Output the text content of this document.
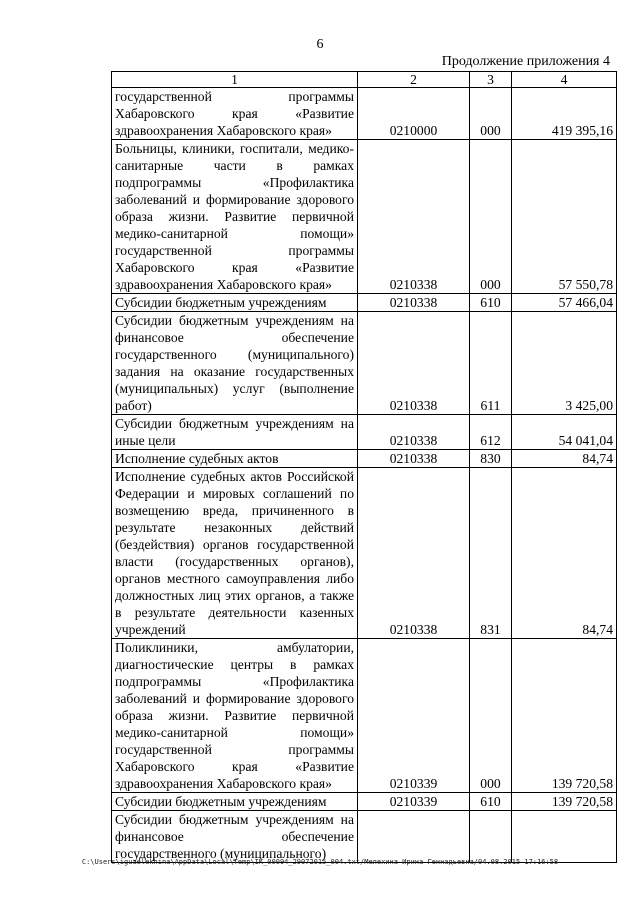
6
Продолжение приложения 4
1	2	3	4
государственной программы Хабаровского края «Развитие здравоохранения Хабаровского края»	0210000	000	419 395,16
Больницы, клиники, госпитали, медико-санитарные части в рамках подпрограммы «Профилактика заболеваний и формирование здорового образа жизни. Развитие первичной медико-санитарной помощи» государственной программы Хабаровского края «Развитие здравоохранения Хабаровского края»	0210338	000	57 550,78
Субсидии бюджетным учреждениям	0210338	610	57 466,04
Субсидии бюджетным учреждениям на финансовое обеспечение государственного (муниципального) задания на оказание государственных (муниципальных) услуг (выполнение работ)	0210338	611	3 425,00
Субсидии бюджетным учреждениям на иные цели	0210338	612	54 041,04
Исполнение судебных актов	0210338	830	84,74
Исполнение судебных актов Российской Федерации и мировых соглашений по возмещению вреда, причиненного в результате незаконных действий (бездействия) органов государственной власти (государственных органов), органов местного самоуправления либо должностных лиц этих органов, а также в результате деятельности казенных учреждений	0210338	831	84,74
Поликлиники, амбулатории, диагностические центры в рамках подпрограммы «Профилактика заболеваний и формирование здорового образа жизни. Развитие первичной медико-санитарной помощи» государственной программы Хабаровского края «Развитие здравоохранения Хабаровского края»	0210339	000	139 720,58
Субсидии бюджетным учреждениям	0210339	610	139 720,58
Субсидии бюджетным учреждениям на финансовое обеспечение государственного (муниципального)			
C:\Users\iguaelekhina\AppData\Local\Temp\IK_00094_29072015_004.txt/Мелехина Ирина Геннадьевна/04.08.2015 17:16:58
